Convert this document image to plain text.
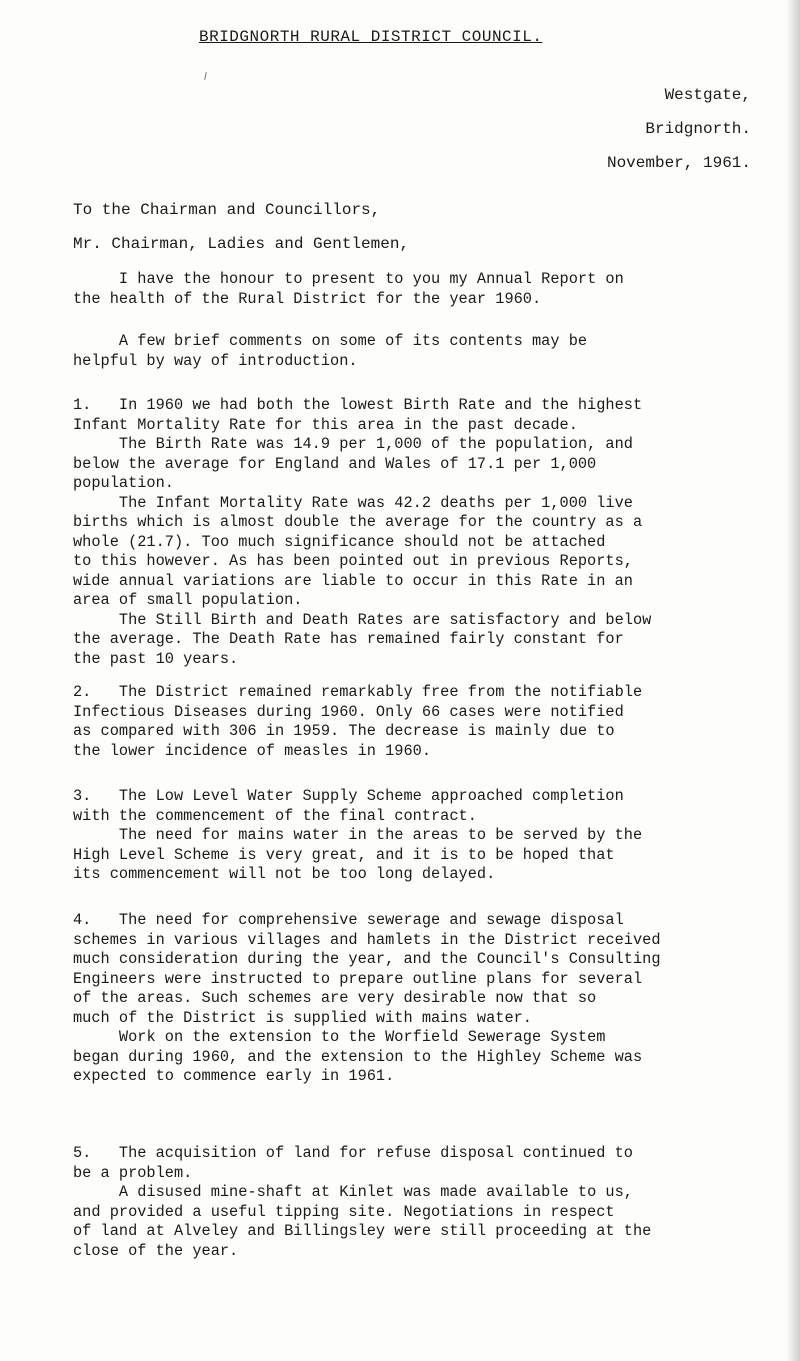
BRIDGNORTH RURAL DISTRICT COUNCIL.
Westgate,
Bridgnorth.
November, 1961.
To the Chairman and Councillors,
Mr. Chairman, Ladies and Gentlemen,
I have the honour to present to you my Annual Report on
the health of the Rural District for the year 1960.
A few brief comments on some of its contents may be
helpful by way of introduction.
1.   In 1960 we had both the lowest Birth Rate and the highest
Infant Mortality Rate for this area in the past decade.
The Birth Rate was 14.9 per 1,000 of the population, and
below the average for England and Wales of 17.1 per 1,000
population.
The Infant Mortality Rate was 42.2 deaths per 1,000 live
births which is almost double the average for the country as a
whole (21.7). Too much significance should not be attached
to this however. As has been pointed out in previous Reports,
wide annual variations are liable to occur in this Rate in an
area of small population.
The Still Birth and Death Rates are satisfactory and below
the average. The Death Rate has remained fairly constant for
the past 10 years.
2.   The District remained remarkably free from the notifiable
Infectious Diseases during 1960. Only 66 cases were notified
as compared with 306 in 1959. The decrease is mainly due to
the lower incidence of measles in 1960.
3.   The Low Level Water Supply Scheme approached completion
with the commencement of the final contract.
The need for mains water in the areas to be served by the
High Level Scheme is very great, and it is to be hoped that
its commencement will not be too long delayed.
4.   The need for comprehensive sewerage and sewage disposal
schemes in various villages and hamlets in the District received
much consideration during the year, and the Council's Consulting
Engineers were instructed to prepare outline plans for several
of the areas. Such schemes are very desirable now that so
much of the District is supplied with mains water.
Work on the extension to the Worfield Sewerage System
began during 1960, and the extension to the Highley Scheme was
expected to commence early in 1961.
5.   The acquisition of land for refuse disposal continued to
be a problem.
A disused mine-shaft at Kinlet was made available to us,
and provided a useful tipping site. Negotiations in respect
of land at Alveley and Billingsley were still proceeding at the
close of the year.
